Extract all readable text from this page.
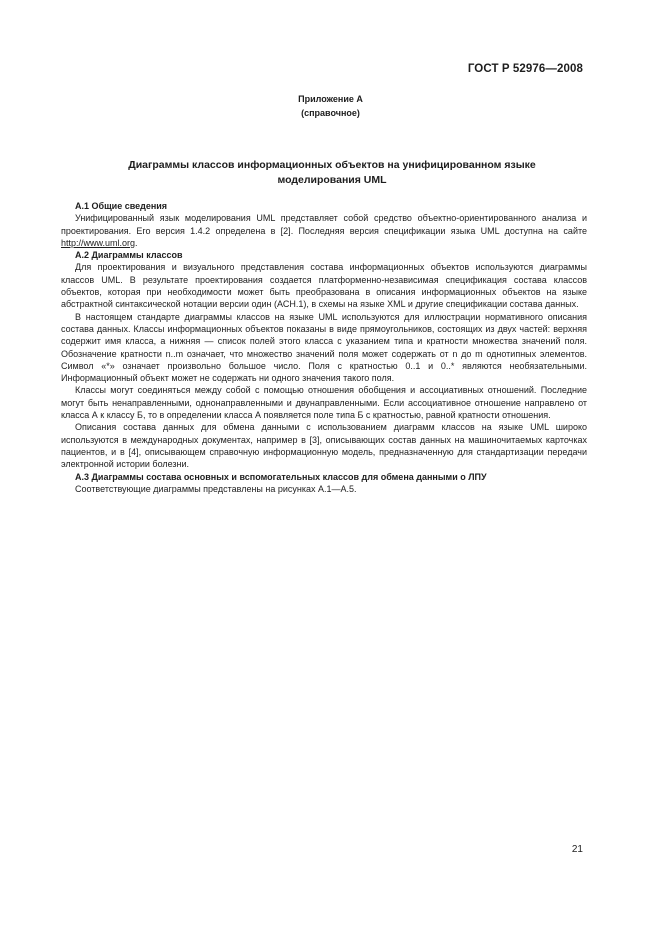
ГОСТ Р 52976—2008
Приложение А
(справочное)
Диаграммы классов информационных объектов на унифицированном языке
моделирования UML

А.1 Общие сведения

Унифицированный язык моделирования UML представляет собой средство объектно-ориентированного анализа и проектирования. Его версия 1.4.2 определена в [2]. Последняя версия спецификации языка UML доступна на сайте http://www.uml.org.

А.2 Диаграммы классов

Для проектирования и визуального представления состава информационных объектов используются диаграммы классов UML. В результате проектирования создается платформенно-независимая спецификация состава классов объектов, которая при необходимости может быть преобразована в описания информационных объектов на языке абстрактной синтаксической нотации версии один (АСН.1), в схемы на языке XML и другие спецификации состава данных.

В настоящем стандарте диаграммы классов на языке UML используются для иллюстрации нормативного описания состава данных. Классы информационных объектов показаны в виде прямоугольников, состоящих из двух частей: верхняя содержит имя класса, а нижняя — список полей этого класса с указанием типа и кратности множества значений поля. Обозначение кратности n..m означает, что множество значений поля может содержать от n до m однотипных элементов. Символ «*» означает произвольно большое число. Поля с кратностью 0..1 и 0..* являются необязательными. Информационный объект может не содержать ни одного значения такого поля.

Классы могут соединяться между собой с помощью отношения обобщения и ассоциативных отношений. Последние могут быть ненаправленными, однонаправленными и двунаправленными. Если ассоциативное отношение направлено от класса А к классу Б, то в определении класса А появляется поле типа Б с кратностью, равной кратности отношения.

Описания состава данных для обмена данными с использованием диаграмм классов на языке UML широко используются в международных документах, например в [3], описывающих состав данных на машиночитаемых карточках пациентов, и в [4], описывающем справочную информационную модель, предназначенную для стандартизации передачи электронной истории болезни.

А.3 Диаграммы состава основных и вспомогательных классов для обмена данными о ЛПУ

Соответствующие диаграммы представлены на рисунках А.1—А.5.

21
